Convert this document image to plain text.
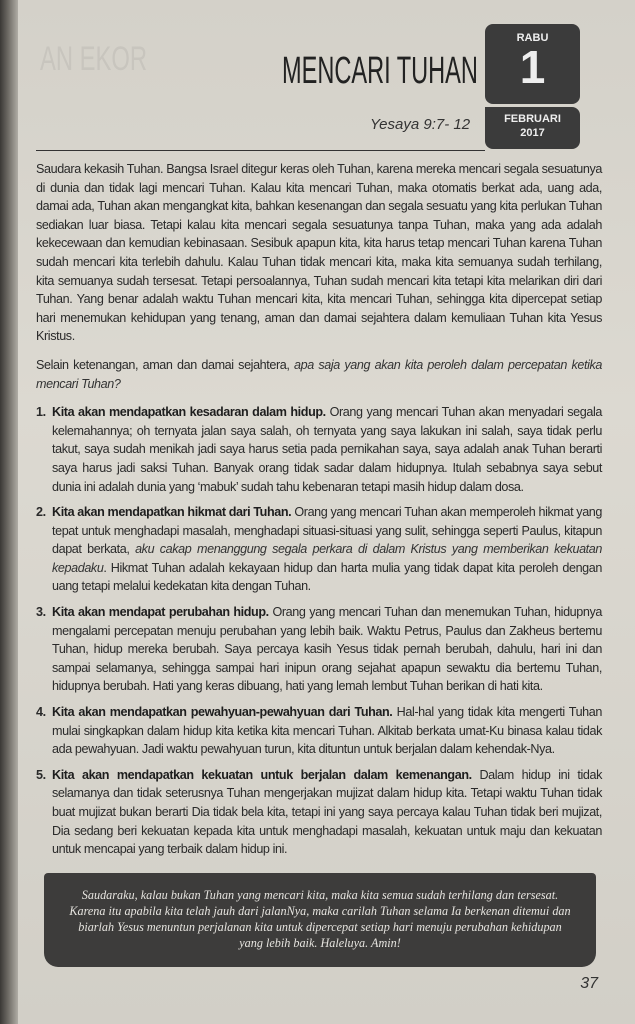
AN EKOR	MENCARI TUHAN
RABU
1
FEBRUARI
2017
Yesaya 9:7- 12
Saudara kekasih Tuhan. Bangsa Israel ditegur keras oleh Tuhan, karena mereka mencari segala sesuatunya di dunia dan tidak lagi mencari Tuhan. Kalau kita mencari Tuhan, maka otomatis berkat ada, uang ada, damai ada, Tuhan akan mengangkat kita, bahkan kesenangan dan segala sesuatu yang kita perlukan Tuhan sediakan luar biasa. Tetapi kalau kita mencari segala sesuatunya tanpa Tuhan, maka yang ada adalah kekecewaan dan kemudian kebinasaan. Sesibuk apapun kita, kita harus tetap mencari Tuhan karena Tuhan sudah mencari kita terlebih dahulu. Kalau Tuhan tidak mencari kita, maka kita semuanya sudah terhilang, kita semuanya sudah tersesat. Tetapi persoalannya, Tuhan sudah mencari kita tetapi kita melarikan diri dari Tuhan. Yang benar adalah waktu Tuhan mencari kita, kita mencari Tuhan, sehingga kita dipercepat setiap hari menemukan kehidupan yang tenang, aman dan damai sejahtera dalam kemuliaan Tuhan kita Yesus Kristus.
Selain ketenangan, aman dan damai sejahtera, apa saja yang akan kita peroleh dalam percepatan ketika mencari Tuhan?
1. Kita akan mendapatkan kesadaran dalam hidup. Orang yang mencari Tuhan akan menyadari segala kelemahannya; oh ternyata jalan saya salah, oh ternyata yang saya lakukan ini salah, saya tidak perlu takut, saya sudah menikah jadi saya harus setia pada pernikahan saya, saya adalah anak Tuhan berarti saya harus jadi saksi Tuhan. Banyak orang tidak sadar dalam hidupnya. Itulah sebabnya saya sebut dunia ini adalah dunia yang ‘mabuk’ sudah tahu kebenaran tetapi masih hidup dalam dosa.
2. Kita akan mendapatkan hikmat dari Tuhan. Orang yang mencari Tuhan akan memperoleh hikmat yang tepat untuk menghadapi masalah, menghadapi situasi-situasi yang sulit, sehingga seperti Paulus, kitapun dapat berkata, aku cakap menanggung segala perkara di dalam Kristus yang memberikan kekuatan kepadaku. Hikmat Tuhan adalah kekayaan hidup dan harta mulia yang tidak dapat kita peroleh dengan uang tetapi melalui kedekatan kita dengan Tuhan.
3. Kita akan mendapat perubahan hidup. Orang yang mencari Tuhan dan menemukan Tuhan, hidupnya mengalami percepatan menuju perubahan yang lebih baik. Waktu Petrus, Paulus dan Zakheus bertemu Tuhan, hidup mereka berubah. Saya percaya kasih Yesus tidak pernah berubah, dahulu, hari ini dan sampai selamanya, sehingga sampai hari inipun orang sejahat apapun sewaktu dia bertemu Tuhan, hidupnya berubah. Hati yang keras dibuang, hati yang lemah lembut Tuhan berikan di hati kita.
4. Kita akan mendapatkan pewahyuan-pewahyuan dari Tuhan. Hal-hal yang tidak kita mengerti Tuhan mulai singkapkan dalam hidup kita ketika kita mencari Tuhan. Alkitab berkata umat-Ku binasa kalau tidak ada pewahyuan. Jadi waktu pewahyuan turun, kita dituntun untuk berjalan dalam kehendak-Nya.
5. Kita akan mendapatkan kekuatan untuk berjalan dalam kemenangan. Dalam hidup ini tidak selamanya dan tidak seterusnya Tuhan mengerjakan mujizat dalam hidup kita. Tetapi waktu Tuhan tidak buat mujizat bukan berarti Dia tidak bela kita, tetapi ini yang saya percaya kalau Tuhan tidak beri mujizat, Dia sedang beri kekuatan kepada kita untuk menghadapi masalah, kekuatan untuk maju dan kekuatan untuk mencapai yang terbaik dalam hidup ini.
Saudaraku, kalau bukan Tuhan yang mencari kita, maka kita semua sudah terhilang dan tersesat. Karena itu apabila kita telah jauh dari jalanNya, maka carilah Tuhan selama Ia berkenan ditemui dan biarlah Yesus menuntun perjalanan kita untuk dipercepat setiap hari menuju perubahan kehidupan yang lebih baik. Haleluya. Amin!
37
